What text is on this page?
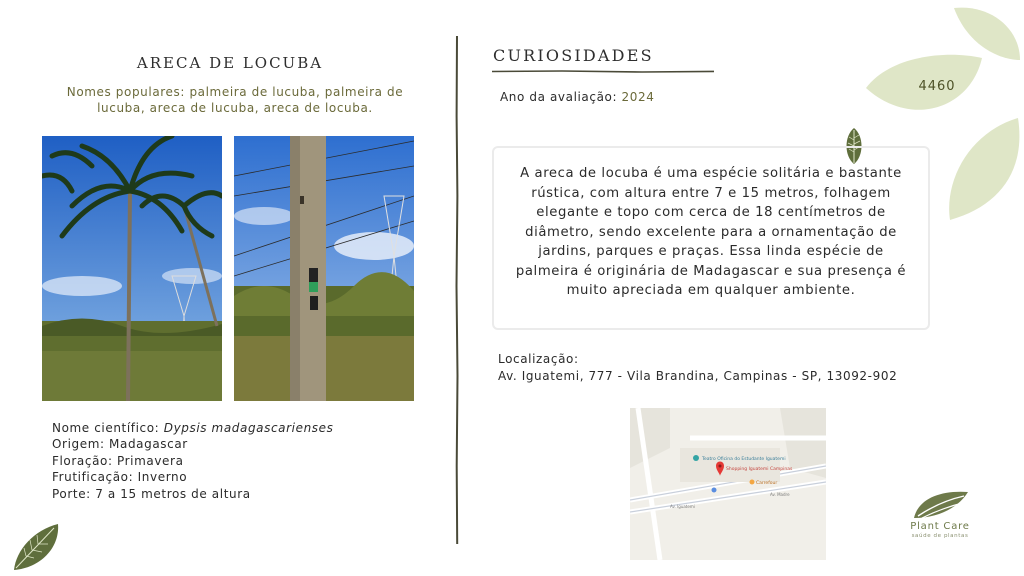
4460
ARECA DE LOCUBA
Nomes populares: palmeira de lucuba, palmeira de lucuba, areca de lucuba, areca de locuba.
Nome científico: Dypsis madagascarienses
Origem: Madagascar
Floração: Primavera
Frutificação: Inverno
Porte: 7 a 15 metros de altura
CURIOSIDADES
Ano da avaliação: 2024
A areca de locuba é uma espécie solitária e bastante rústica, com altura entre 7 e 15 metros, folhagem elegante e topo com cerca de 18 centímetros de diâmetro, sendo excelente para a ornamentação de jardins, parques e praças. Essa linda espécie de palmeira é originária de Madagascar e sua presença é muito apreciada em qualquer ambiente.
Localização:
Av. Iguatemi, 777 - Vila Brandina, Campinas - SP, 13092-902
Teatro Oficina do Estudante Iguatemi
Shopping Iguatemi Campinas
Carrefour
Av. Iguatemi
Av. Madre
Plant Care
saúde de plantas
